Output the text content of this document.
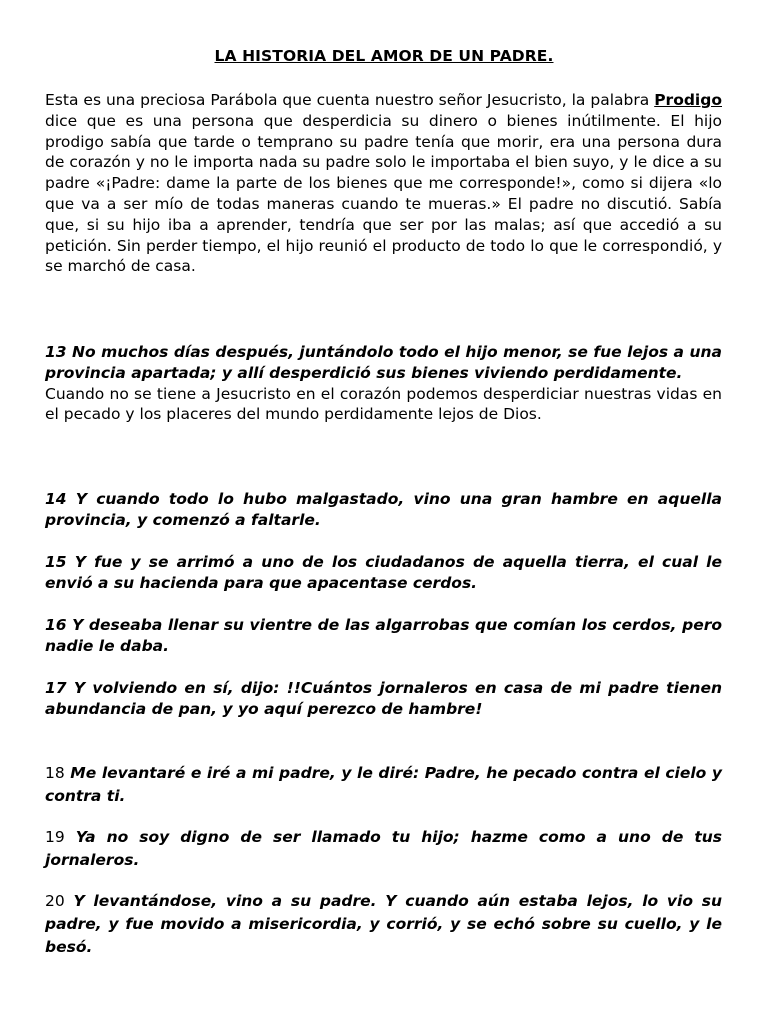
LA HISTORIA DEL AMOR DE UN PADRE.
Esta es una preciosa Parábola que cuenta nuestro señor Jesucristo, la palabra Prodigo dice que es una persona que desperdicia su dinero o bienes inútilmente. El hijo prodigo sabía que tarde o temprano su padre tenía que morir, era una persona dura de corazón y no le importa nada su padre solo le importaba el bien suyo, y le dice a su padre «¡Padre: dame la parte de los bienes que me corresponde!», como si dijera «lo que va a ser mío de todas maneras cuando te mueras.» El padre no discutió. Sabía que, si su hijo iba a aprender, tendría que ser por las malas; así que accedió a su petición. Sin perder tiempo, el hijo reunió el producto de todo lo que le correspondió, y se marchó de casa.
13 No muchos días después, juntándolo todo el hijo menor, se fue lejos a una provincia apartada; y allí desperdició sus bienes viviendo perdidamente.
Cuando no se tiene a Jesucristo en el corazón podemos desperdiciar nuestras vidas en el pecado y los placeres del mundo perdidamente lejos de Dios.
14 Y cuando todo lo hubo malgastado, vino una gran hambre en aquella provincia, y comenzó a faltarle.
15 Y fue y se arrimó a uno de los ciudadanos de aquella tierra, el cual le envió a su hacienda para que apacentase cerdos.
16 Y deseaba llenar su vientre de las algarrobas que comían los cerdos, pero nadie le daba.
17 Y volviendo en sí, dijo: !!Cuántos jornaleros en casa de mi padre tienen abundancia de pan, y yo aquí perezco de hambre!
18 Me levantaré e iré a mi padre, y le diré: Padre, he pecado contra el cielo y contra ti.
19 Ya no soy digno de ser llamado tu hijo; hazme como a uno de tus jornaleros.
20 Y levantándose, vino a su padre. Y cuando aún estaba lejos, lo vio su padre, y fue movido a misericordia, y corrió, y se echó sobre su cuello, y le besó.
